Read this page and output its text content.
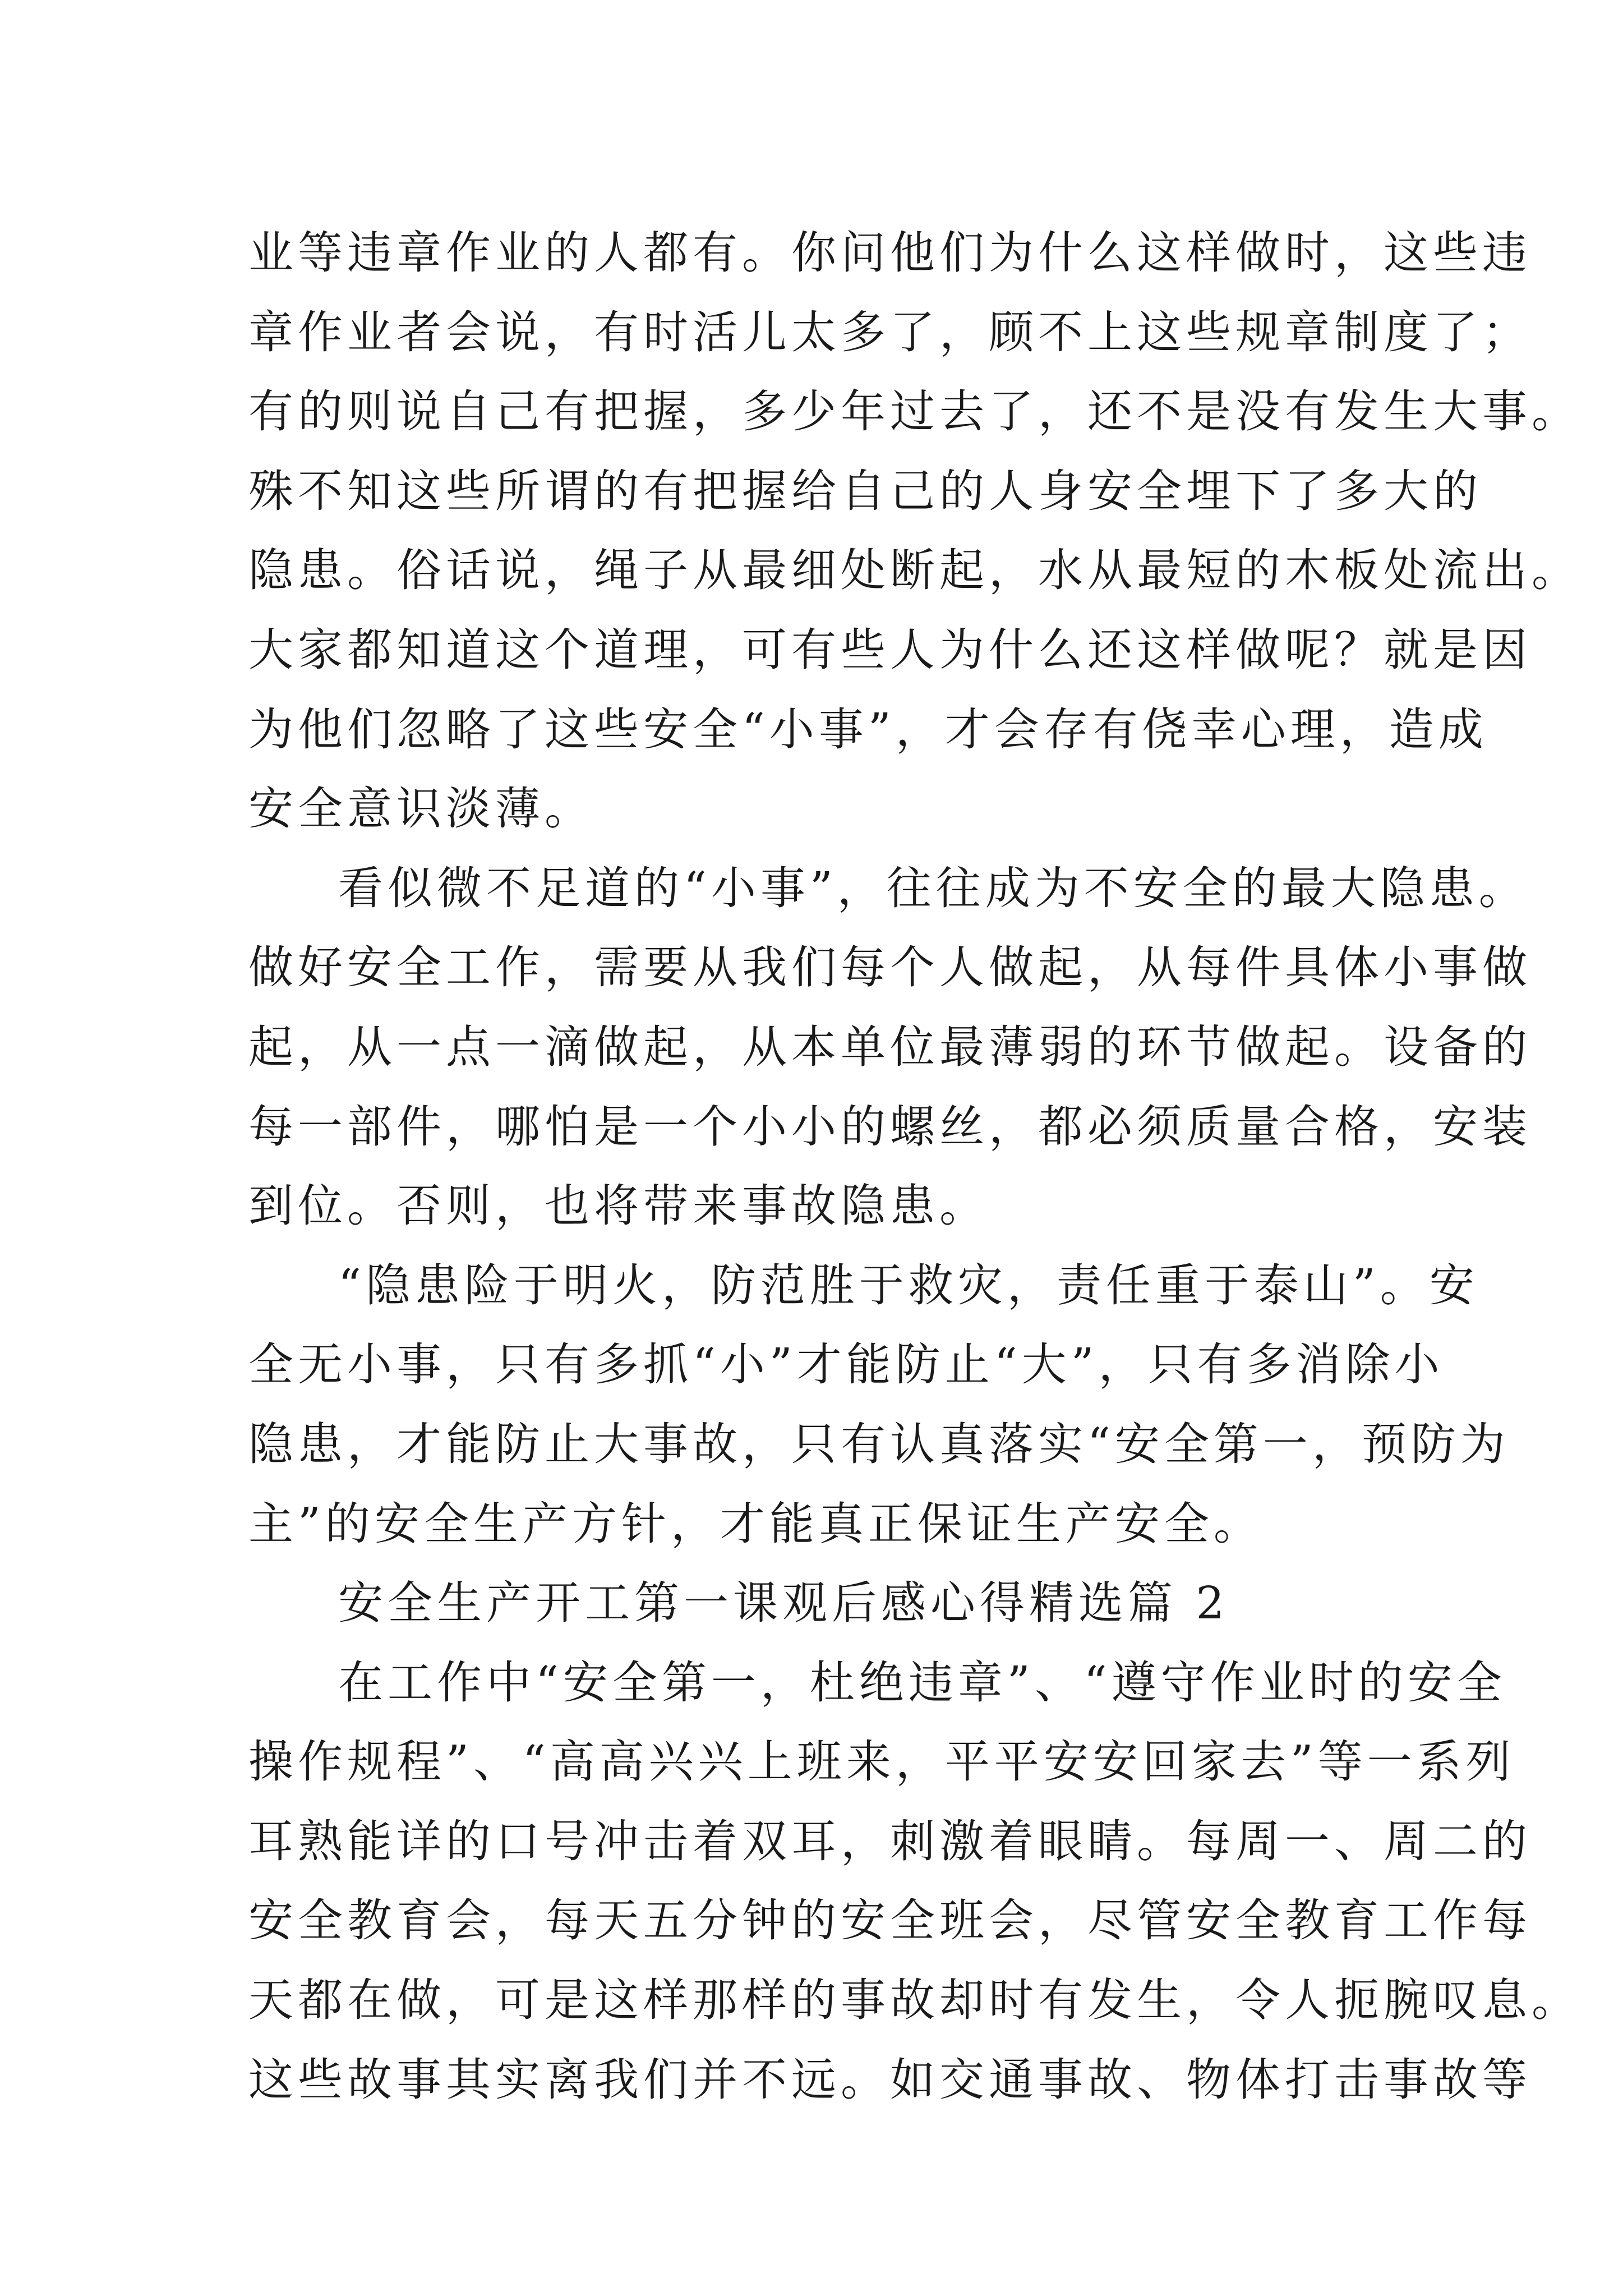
业等违章作业的人都有。你问他们为什么这样做时，这些违
章作业者会说，有时活儿太多了，顾不上这些规章制度了；
有的则说自己有把握，多少年过去了，还不是没有发生大事。
殊不知这些所谓的有把握给自己的人身安全埋下了多大的
隐患。俗话说，绳子从最细处断起，水从最短的木板处流出。
大家都知道这个道理，可有些人为什么还这样做呢？就是因
为他们忽略了这些安全“小事”，才会存有侥幸心理，造成
安全意识淡薄。
看似微不足道的“小事”，往往成为不安全的最大隐患。
做好安全工作，需要从我们每个人做起，从每件具体小事做
起，从一点一滴做起，从本单位最薄弱的环节做起。设备的
每一部件，哪怕是一个小小的螺丝，都必须质量合格，安装
到位。否则，也将带来事故隐患。
“隐患险于明火，防范胜于救灾，责任重于泰山”。安
全无小事，只有多抓“小”才能防止“大”，只有多消除小
隐患，才能防止大事故，只有认真落实“安全第一，预防为
主”的安全生产方针，才能真正保证生产安全。
安全生产开工第一课观后感心得精选篇 2
在工作中“安全第一，杜绝违章”、“遵守作业时的安全
操作规程”、“高高兴兴上班来，平平安安回家去”等一系列
耳熟能详的口号冲击着双耳，刺激着眼睛。每周一、周二的
安全教育会，每天五分钟的安全班会，尽管安全教育工作每
天都在做，可是这样那样的事故却时有发生，令人扼腕叹息。
这些故事其实离我们并不远。如交通事故、物体打击事故等
